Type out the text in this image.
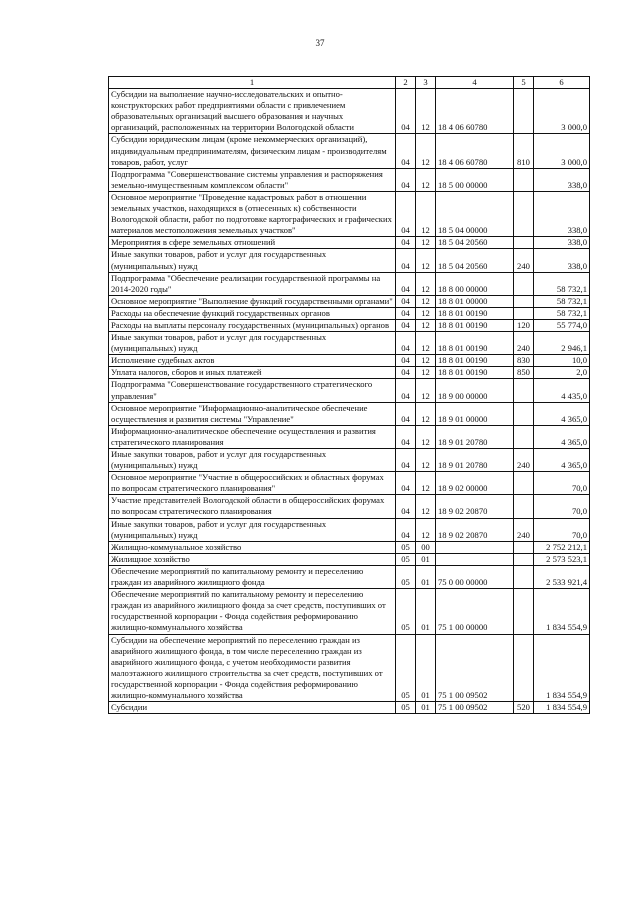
37
1	2	3	4	5	6
Субсидии на выполнение научно-исследовательских и опытно-конструкторских работ предприятиями области с привлечением образовательных организаций высшего образования и научных организаций, расположенных на территории Вологодской области	04	12	18 4 06 60780		3 000,0
Субсидии юридическим лицам (кроме некоммерческих организаций), индивидуальным предпринимателям, физическим лицам - производителям товаров, работ, услуг	04	12	18 4 06 60780	810	3 000,0
Подпрограмма "Совершенствование системы управления и распоряжения земельно-имущественным комплексом области"	04	12	18 5 00 00000		338,0
Основное мероприятие "Проведение кадастровых работ в отношении земельных участков, находящихся в (отнесенных к) собственности Вологодской области, работ по подготовке картографических и графических материалов местоположения земельных участков"	04	12	18 5 04 00000		338,0
Мероприятия в сфере земельных отношений	04	12	18 5 04 20560		338,0
Иные закупки товаров, работ и услуг для государственных (муниципальных) нужд	04	12	18 5 04 20560	240	338,0
Подпрограмма "Обеспечение реализации государственной программы на 2014-2020 годы"	04	12	18 8 00 00000		58 732,1
Основное мероприятие "Выполнение функций государственными органами"	04	12	18 8 01 00000		58 732,1
Расходы на обеспечение функций государственных органов	04	12	18 8 01 00190		58 732,1
Расходы на выплаты персоналу государственных (муниципальных) органов	04	12	18 8 01 00190	120	55 774,0
Иные закупки товаров, работ и услуг для государственных (муниципальных) нужд	04	12	18 8 01 00190	240	2 946,1
Исполнение судебных актов	04	12	18 8 01 00190	830	10,0
Уплата налогов, сборов и иных платежей	04	12	18 8 01 00190	850	2,0
Подпрограмма "Совершенствование государственного стратегического управления"	04	12	18 9 00 00000		4 435,0
Основное мероприятие "Информационно-аналитическое обеспечение осуществления и развития системы "Управление"	04	12	18 9 01 00000		4 365,0
Информационно-аналитическое обеспечение осуществления и развития стратегического планирования	04	12	18 9 01 20780		4 365,0
Иные закупки товаров, работ и услуг для государственных (муниципальных) нужд	04	12	18 9 01 20780	240	4 365,0
Основное мероприятие "Участие в общероссийских и областных форумах по вопросам стратегического планирования"	04	12	18 9 02 00000		70,0
Участие представителей Вологодской области в общероссийских форумах по вопросам стратегического планирования	04	12	18 9 02 20870		70,0
Иные закупки товаров, работ и услуг для государственных (муниципальных) нужд	04	12	18 9 02 20870	240	70,0
Жилищно-коммунальное хозяйство	05	00			2 752 212,1
Жилищное хозяйство	05	01			2 573 523,1
Обеспечение мероприятий по капитальному ремонту и переселению граждан из аварийного жилищного фонда	05	01	75 0 00 00000		2 533 921,4
Обеспечение мероприятий по капитальному ремонту и переселению граждан из аварийного жилищного фонда за счет средств, поступивших от государственной корпорации - Фонда содействия реформированию жилищно-коммунального хозяйства	05	01	75 1 00 00000		1 834 554,9
Субсидии на обеспечение мероприятий по переселению граждан из аварийного жилищного фонда, в том числе переселению граждан из аварийного жилищного фонда, с учетом необходимости развития малоэтажного жилищного строительства за счет средств, поступивших от государственной корпорации - Фонда содействия реформированию жилищно-коммунального хозяйства	05	01	75 1 00 09502		1 834 554,9
Субсидии	05	01	75 1 00 09502	520	1 834 554,9
